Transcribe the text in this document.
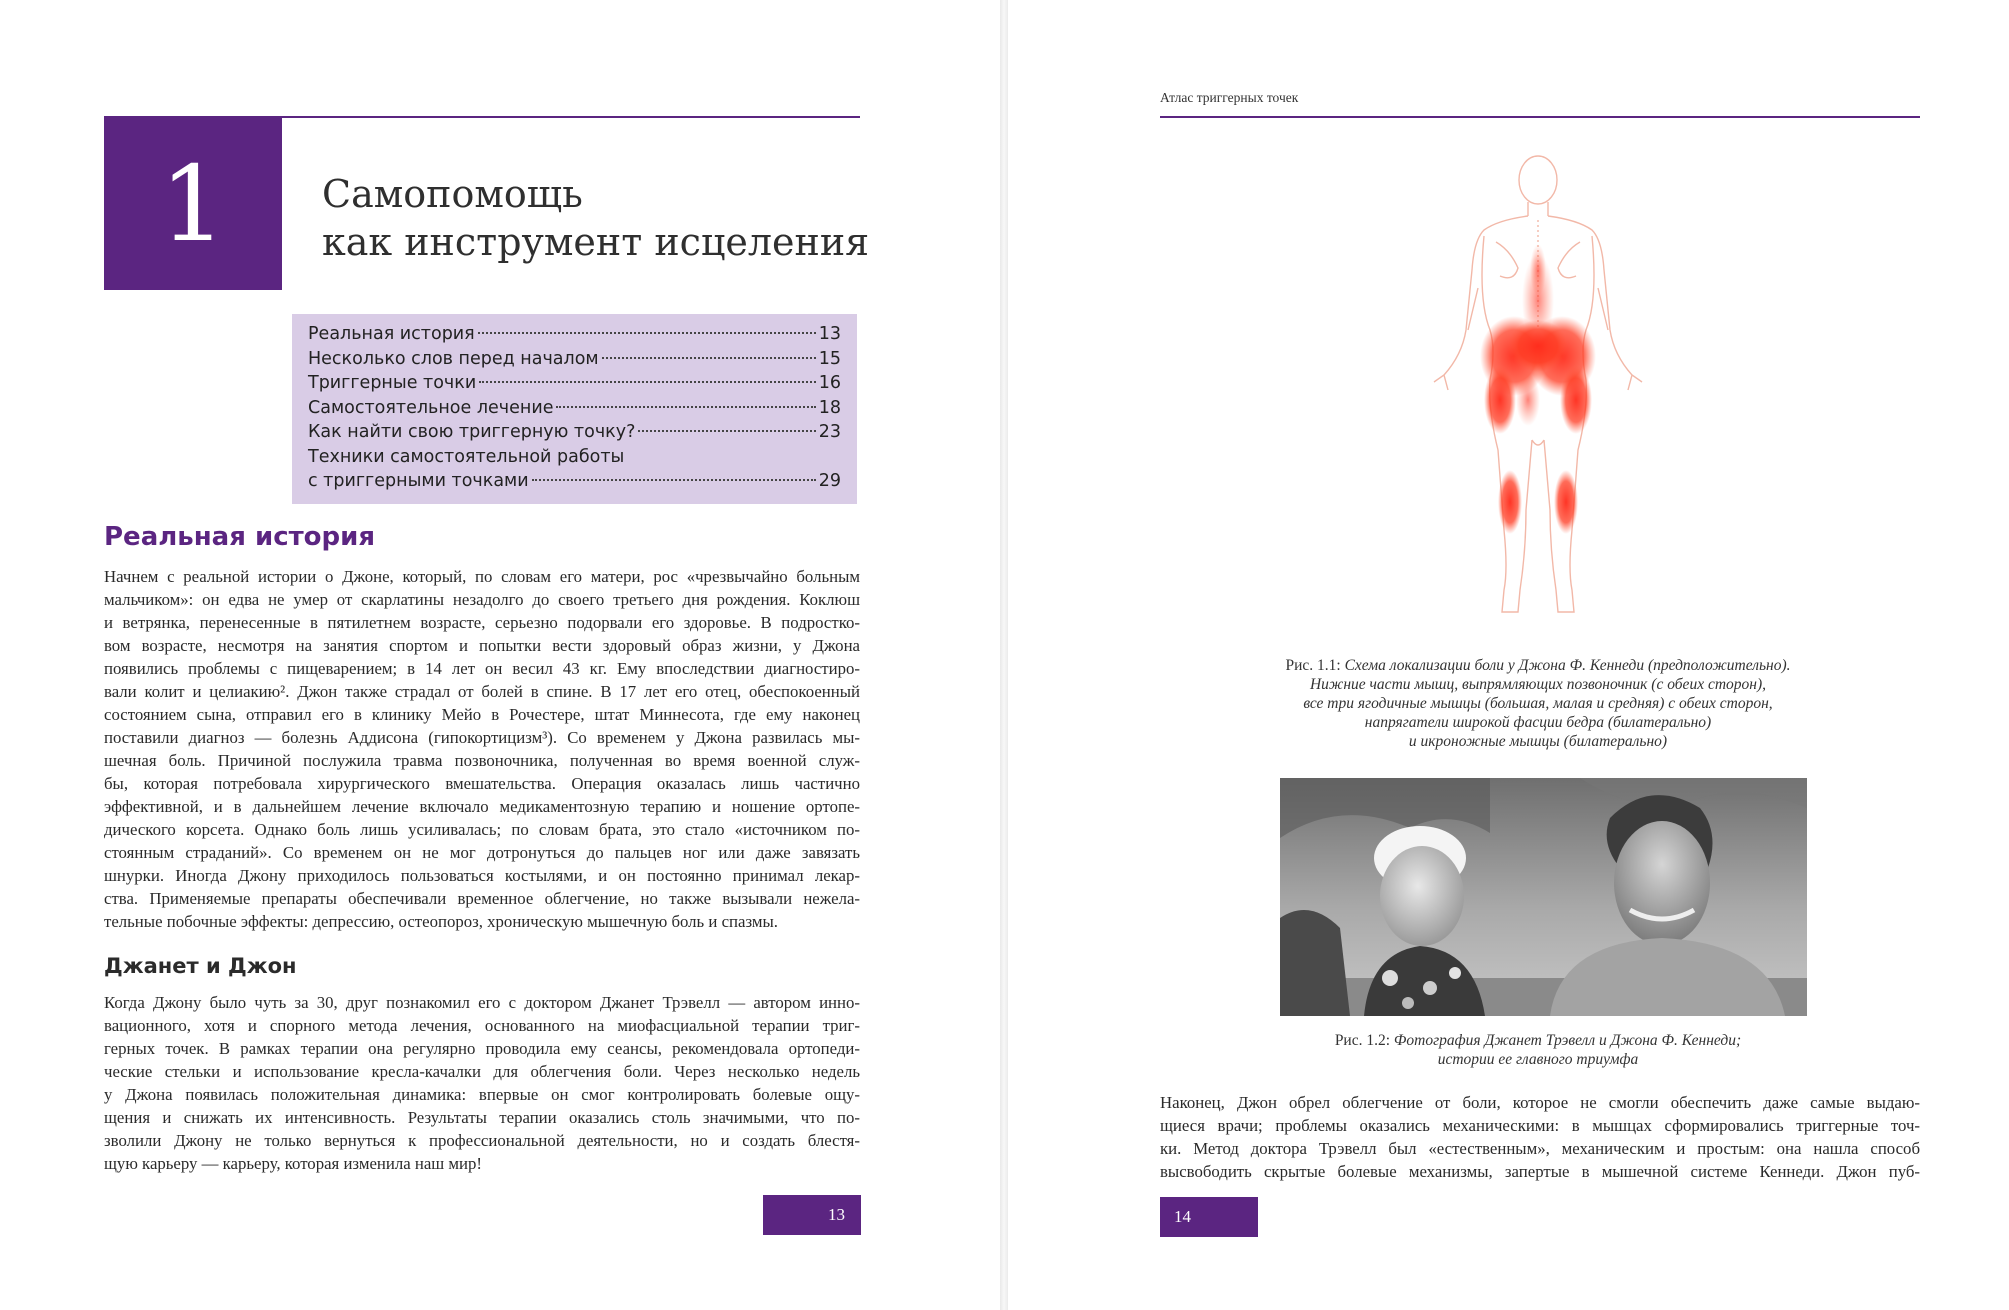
1	Самопомощь
как инструмент исцеления
Реальная история	13
Несколько слов перед началом	15
Триггерные точки	16
Самостоятельное лечение	18
Как найти свою триггерную точку?	23
Техники самостоятельной работы
с триггерными точками	29
Реальная история
Начнем с реальной истории о Джоне, который, по словам его матери, рос «чрезвычайно больным
мальчиком»: он едва не умер от скарлатины незадолго до своего третьего дня рождения. Коклюш
и ветрянка, перенесенные в пятилетнем возрасте, серьезно подорвали его здоровье. В подростко-
вом возрасте, несмотря на занятия спортом и попытки вести здоровый образ жизни, у Джона
появились проблемы с пищеварением; в 14 лет он весил 43 кг. Ему впоследствии диагностиро-
вали колит и целиакию². Джон также страдал от болей в спине. В 17 лет его отец, обеспокоенный
состоянием сына, отправил его в клинику Мейо в Рочестере, штат Миннесота, где ему наконец
поставили диагноз — болезнь Аддисона (гипокортицизм³). Со временем у Джона развилась мы-
шечная боль. Причиной послужила травма позвоночника, полученная во время военной служ-
бы, которая потребовала хирургического вмешательства. Операция оказалась лишь частично
эффективной, и в дальнейшем лечение включало медикаментозную терапию и ношение ортопе-
дического корсета. Однако боль лишь усиливалась; по словам брата, это стало «источником по-
стоянным страданий». Со временем он не мог дотронуться до пальцев ног или даже завязать
шнурки. Иногда Джону приходилось пользоваться костылями, и он постоянно принимал лекар-
ства. Применяемые препараты обеспечивали временное облегчение, но также вызывали нежела-
тельные побочные эффекты: депрессию, остеопороз, хроническую мышечную боль и спазмы.
Джанет и Джон
Когда Джону было чуть за 30, друг познакомил его с доктором Джанет Трэвелл — автором инно-
вационного, хотя и спорного метода лечения, основанного на миофасциальной терапии триг-
герных точек. В рамках терапии она регулярно проводила ему сеансы, рекомендовала ортопеди-
ческие стельки и использование кресла-качалки для облегчения боли. Через несколько недель
у Джона появилась положительная динамика: впервые он смог контролировать болевые ощу-
щения и снижать их интенсивность. Результаты терапии оказались столь значимыми, что по-
зволили Джону не только вернуться к профессиональной деятельности, но и создать блестя-
щую карьеру — карьеру, которая изменила наш мир!
13
Атлас триггерных точек
Рис. 1.1: Схема локализации боли у Джона Ф. Кеннеди (предположительно).
Нижние части мышц, выпрямляющих позвоночник (с обеих сторон),
все три ягодичные мышцы (большая, малая и средняя) с обеих сторон,
напрягатели широкой фасции бедра (билатерально)
и икроножные мышцы (билатерально)
Рис. 1.2: Фотография Джанет Трэвелл и Джона Ф. Кеннеди;
истории ее главного триумфа
Наконец, Джон обрел облегчение от боли, которое не смогли обеспечить даже самые выдаю-
щиеся врачи; проблемы оказались механическими: в мышцах сформировались триггерные точ-
ки. Метод доктора Трэвелл был «естественным», механическим и простым: она нашла способ
высвободить скрытые болевые механизмы, запертые в мышечной системе Кеннеди. Джон пуб-
14
